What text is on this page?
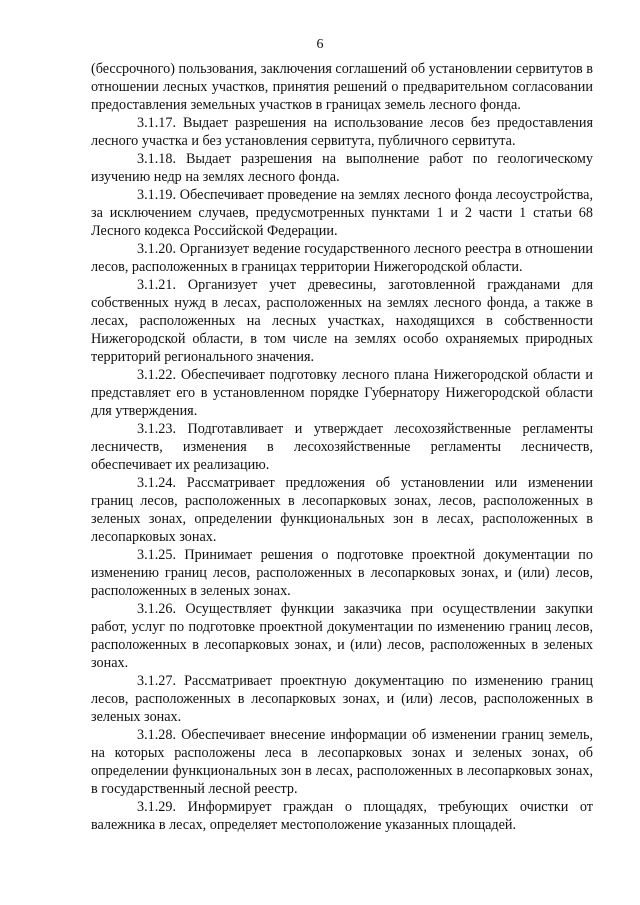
6

(бессрочного) пользования, заключения соглашений об установлении сервитутов в отношении лесных участков, принятия решений о предварительном согласовании предоставления земельных участков в границах земель лесного фонда.

3.1.17. Выдает разрешения на использование лесов без предоставления лесного участка и без установления сервитута, публичного сервитута.

3.1.18. Выдает разрешения на выполнение работ по геологическому изучению недр на землях лесного фонда.

3.1.19. Обеспечивает проведение на землях лесного фонда лесоустройства, за исключением случаев, предусмотренных пунктами 1 и 2 части 1 статьи 68 Лесного кодекса Российской Федерации.

3.1.20. Организует ведение государственного лесного реестра в отношении лесов, расположенных в границах территории Нижегородской области.

3.1.21. Организует учет древесины, заготовленной гражданами для собственных нужд в лесах, расположенных на землях лесного фонда, а также в лесах, расположенных на лесных участках, находящихся в собственности Нижегородской области, в том числе на землях особо охраняемых природных территорий регионального значения.

3.1.22. Обеспечивает подготовку лесного плана Нижегородской области и представляет его в установленном порядке Губернатору Нижегородской области для утверждения.

3.1.23. Подготавливает и утверждает лесохозяйственные регламенты лесничеств, изменения в лесохозяйственные регламенты лесничеств, обеспечивает их реализацию.

3.1.24. Рассматривает предложения об установлении или изменении границ лесов, расположенных в лесопарковых зонах, лесов, расположенных в зеленых зонах, определении функциональных зон в лесах, расположенных в лесопарковых зонах.

3.1.25. Принимает решения о подготовке проектной документации по изменению границ лесов, расположенных в лесопарковых зонах, и (или) лесов, расположенных в зеленых зонах.

3.1.26. Осуществляет функции заказчика при осуществлении закупки работ, услуг по подготовке проектной документации по изменению границ лесов, расположенных в лесопарковых зонах, и (или) лесов, расположенных в зеленых зонах.

3.1.27. Рассматривает проектную документацию по изменению границ лесов, расположенных в лесопарковых зонах, и (или) лесов, расположенных в зеленых зонах.

3.1.28. Обеспечивает внесение информации об изменении границ земель, на которых расположены леса в лесопарковых зонах и зеленых зонах, об определении функциональных зон в лесах, расположенных в лесопарковых зонах, в государственный лесной реестр.

3.1.29. Информирует граждан о площадях, требующих очистки от валежника в лесах, определяет местоположение указанных площадей.
